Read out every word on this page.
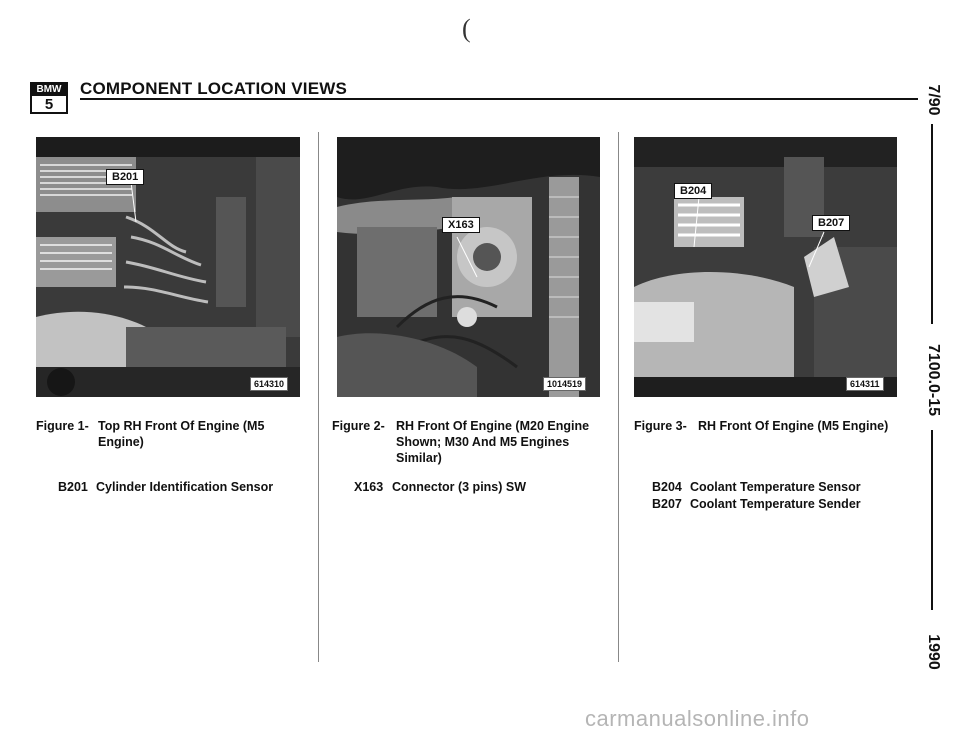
(
BMW
5
COMPONENT LOCATION VIEWS
B201
614310
X163
1014519
B204
B207
614311
Figure 1- Top RH Front Of Engine (M5
Engine)
Figure 2- RH Front Of Engine (M20 Engine
Shown; M30 And M5 Engines
Similar)
Figure 3- RH Front Of Engine (M5 Engine)
B201 Cylinder Identification Sensor	X163 Connector (3 pins) SW	B204 Coolant Temperature Sensor
B207 Coolant Temperature Sender
7/90
7100.0-15
1990
carmanualsonline.info
